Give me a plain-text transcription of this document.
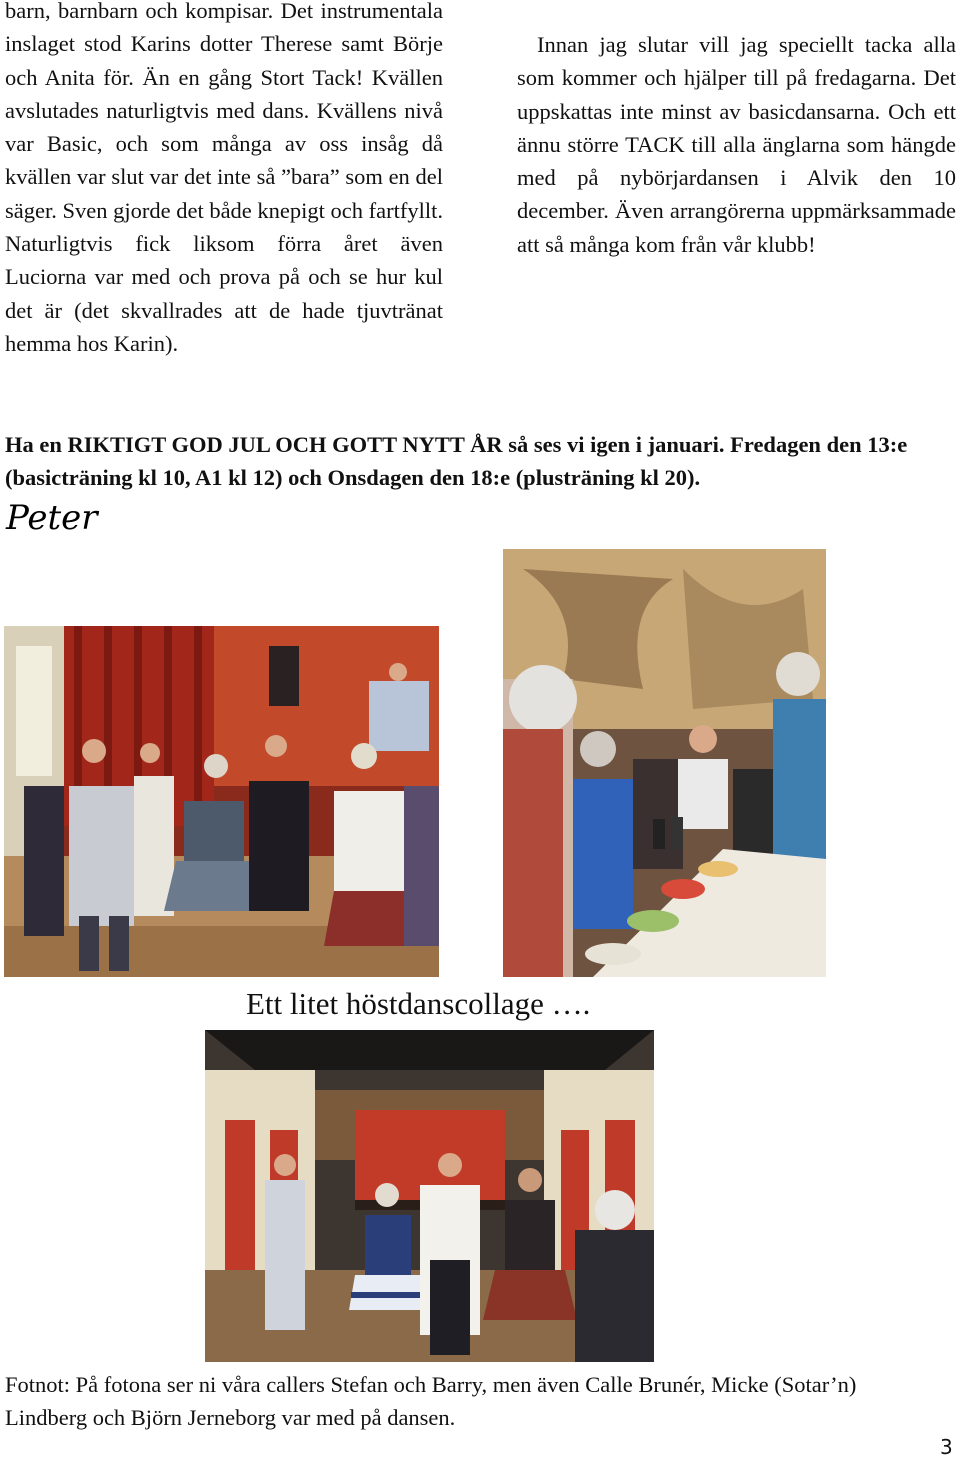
barn, barnbarn och kompisar. Det instrumentala inslaget stod Karins dotter Therese samt Börje och Anita för. Än en gång Stort Tack! Kvällen avslutades naturligtvis med dans. Kvällens nivå var Basic, och som många av oss insåg då kvällen var slut var det inte så ”bara” som en del säger. Sven gjorde det både knepigt och fartfyllt. Naturligtvis fick liksom förra året även Luciorna var med och prova på och se hur kul det är (det skvallrades att de hade tjuvtränat hemma hos Karin).

Innan jag slutar vill jag speciellt tacka alla som kommer och hjälper till på fredagarna. Det uppskattas inte minst av basicdansarna. Och ett ännu större TACK till alla änglarna som hängde med på nybörjardansen i Alvik den 10 december. Även arrangörerna uppmärksammade att så många kom från vår klubb!

Ha en RIKTIGT GOD JUL OCH GOTT NYTT ÅR så ses vi igen i januari. Fredagen den 13:e (basicträning kl 10, A1 kl 12) och Onsdagen den 18:e (plusträning kl 20).

Peter

Ett litet höstdanscollage ….

Fotnot: På fotona ser ni våra callers Stefan och Barry, men även Calle Brunér, Micke (Sotar’n) Lindberg och Björn Jerneborg var med på dansen.

3
